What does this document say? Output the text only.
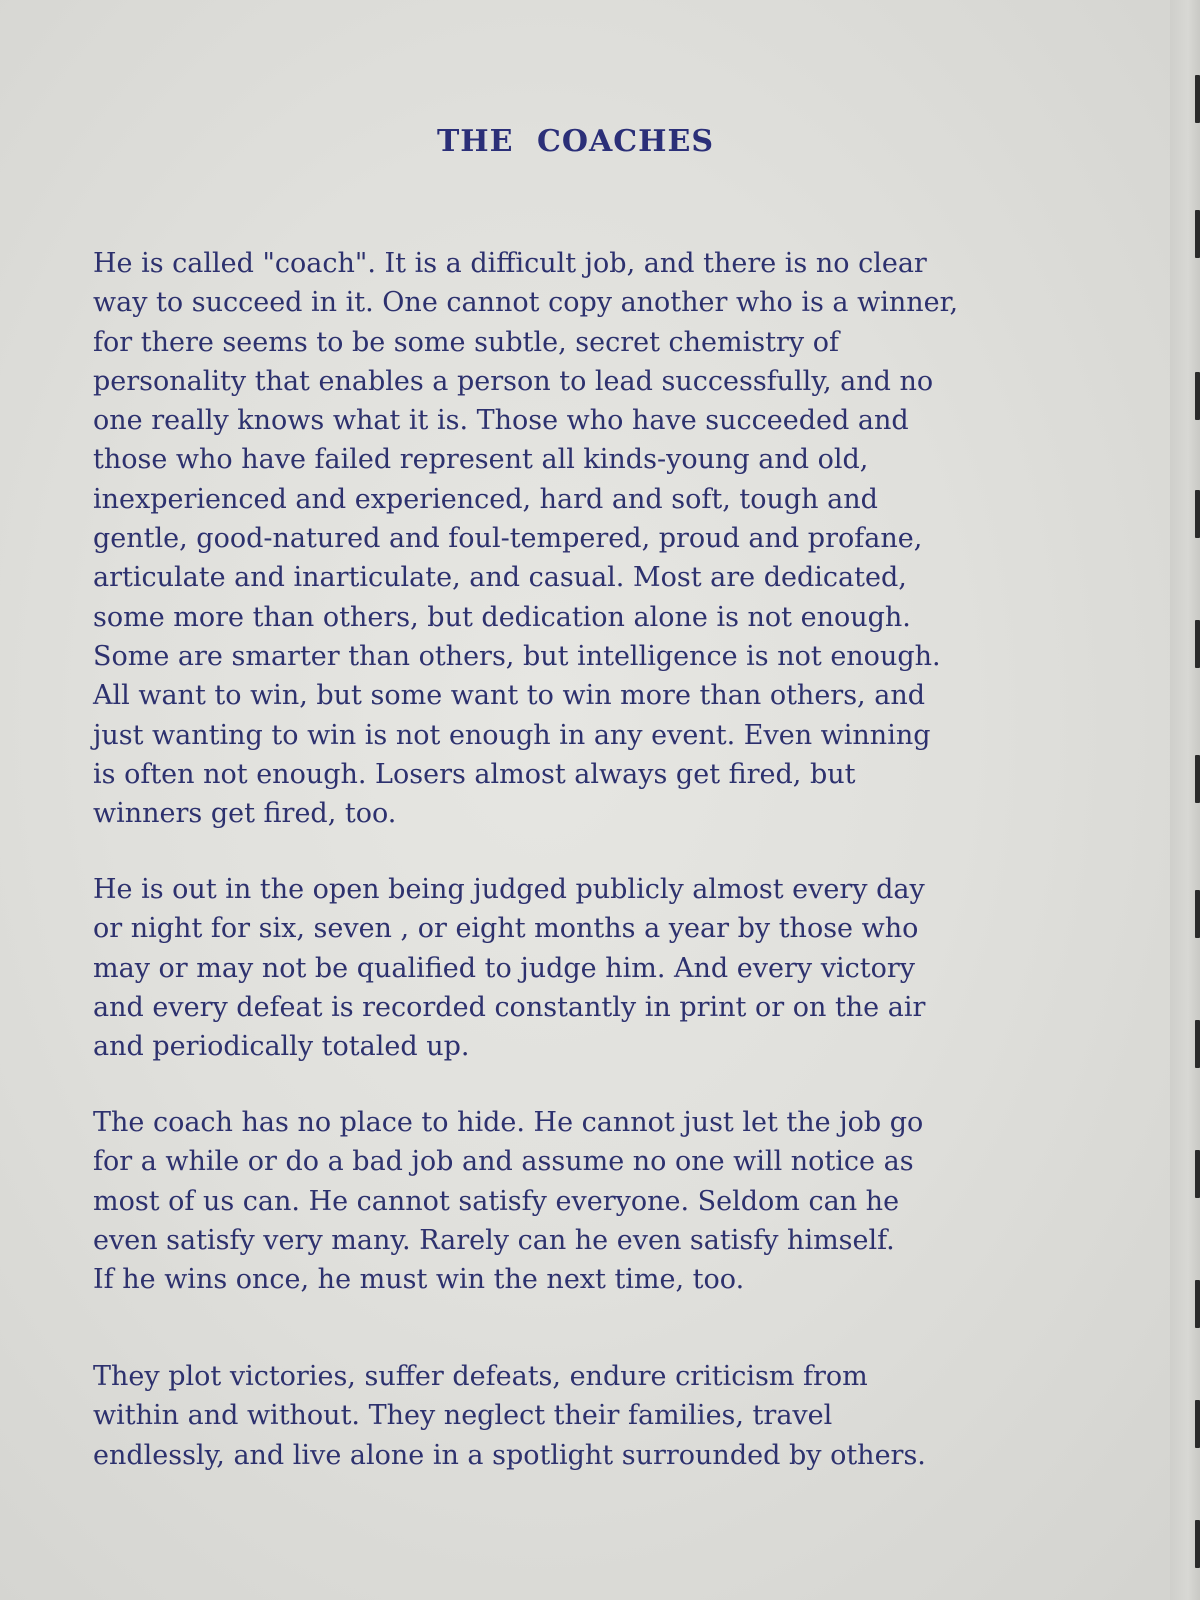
THE COACHES

He is called "coach". It is a difficult job, and there is no clear
way to succeed in it. One cannot copy another who is a winner,
for there seems to be some subtle, secret chemistry of
personality that enables a person to lead successfully, and no
one really knows what it is. Those who have succeeded and
those who have failed represent all kinds-young and old,
inexperienced and experienced, hard and soft, tough and
gentle, good-natured and foul-tempered, proud and profane,
articulate and inarticulate, and casual. Most are dedicated,
some more than others, but dedication alone is not enough.
Some are smarter than others, but intelligence is not enough.
All want to win, but some want to win more than others, and
just wanting to win is not enough in any event. Even winning
is often not enough. Losers almost always get fired, but
winners get fired, too.

He is out in the open being judged publicly almost every day
or night for six, seven , or eight months a year by those who
may or may not be qualified to judge him. And every victory
and every defeat is recorded constantly in print or on the air
and periodically totaled up.

The coach has no place to hide. He cannot just let the job go
for a while or do a bad job and assume no one will notice as
most of us can. He cannot satisfy everyone. Seldom can he
even satisfy very many. Rarely can he even satisfy himself.
If he wins once, he must win the next time, too.

They plot victories, suffer defeats, endure criticism from
within and without. They neglect their families, travel
endlessly, and live alone in a spotlight surrounded by others.
